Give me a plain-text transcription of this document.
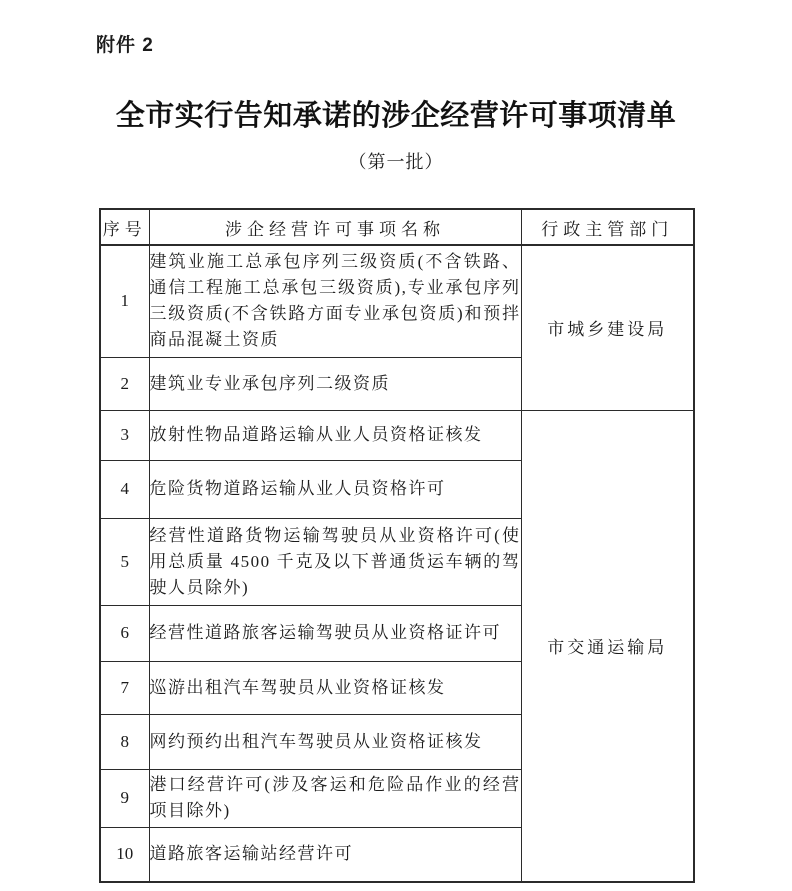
附件 2
全市实行告知承诺的涉企经营许可事项清单
（第一批）
序号	涉企经营许可事项名称	行政主管部门
1	建筑业施工总承包序列三级资质(不含铁路、通信工程施工总承包三级资质),专业承包序列三级资质(不含铁路方面专业承包资质)和预拌商品混凝土资质	市城乡建设局
2	建筑业专业承包序列二级资质	
3	放射性物品道路运输从业人员资格证核发	市交通运输局
4	危险货物道路运输从业人员资格许可	
5	经营性道路货物运输驾驶员从业资格许可(使用总质量 4500 千克及以下普通货运车辆的驾驶人员除外)	
6	经营性道路旅客运输驾驶员从业资格证许可	
7	巡游出租汽车驾驶员从业资格证核发	
8	网约预约出租汽车驾驶员从业资格证核发	
9	港口经营许可(涉及客运和危险品作业的经营项目除外)	
10	道路旅客运输站经营许可	
